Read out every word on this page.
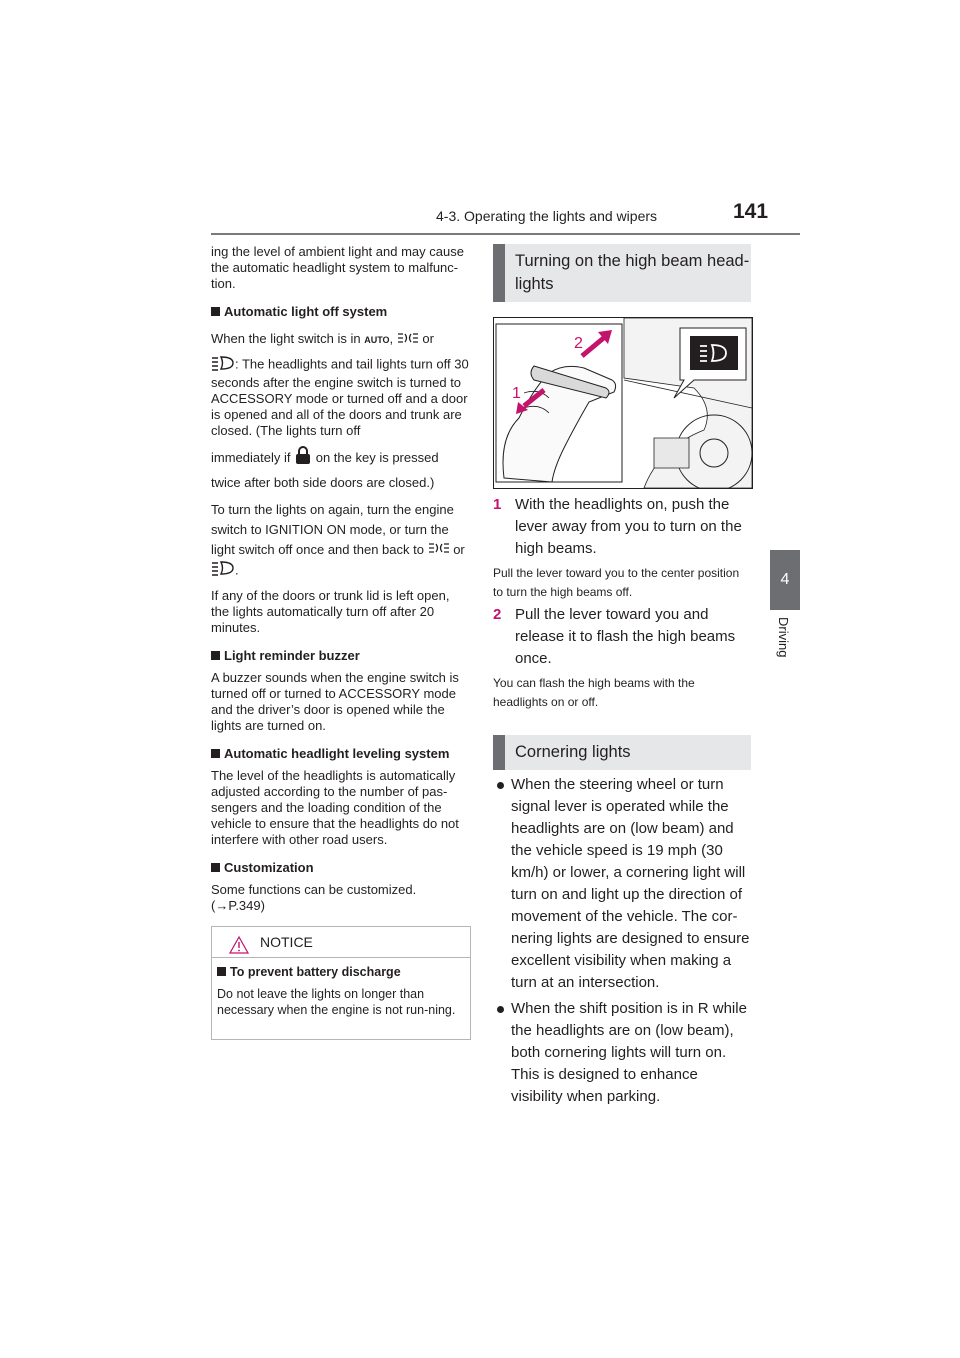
4-3. Operating the lights and wipers	141
4
Driving

ing the level of ambient light and may cause the automatic headlight system to malfunc-tion.

Automatic light off system

When the light switch is in AUTO, or

: The headlights and tail lights turn off 30 seconds after the engine switch is turned to ACCESSORY mode or turned off and a door is opened and all of the doors and trunk are closed. (The lights turn off

immediately if on the key is pressed twice after both side doors are closed.)

To turn the lights on again, turn the engine switch to IGNITION ON mode, or turn the light switch off once and then back to or .

If any of the doors or trunk lid is left open, the lights automatically turn off after 20 minutes.

Light reminder buzzer

A buzzer sounds when the engine switch is turned off or turned to ACCESSORY mode and the driver’s door is opened while the lights are turned on.

Automatic headlight leveling system

The level of the headlights is automatically adjusted according to the number of pas-sengers and the loading condition of the vehicle to ensure that the headlights do not interfere with other road users.

Customization

Some functions can be customized. (→P.349)

NOTICE
To prevent battery discharge
Do not leave the lights on longer than necessary when the engine is not run-ning.
Turning on the high beam head-lights
2
1
1 With the headlights on, push the lever away from you to turn on the high beams.
Pull the lever toward you to the center position to turn the high beams off.
2 Pull the lever toward you and release it to flash the high beams once.
You can flash the high beams with the headlights on or off.
Cornering lights
When the steering wheel or turn signal lever is operated while the headlights are on (low beam) and the vehicle speed is 19 mph (30 km/h) or lower, a cornering light will turn on and light up the direction of movement of the vehicle. The cor-nering lights are designed to ensure excellent visibility when making a turn at an intersection.
When the shift position is in R while the headlights are on (low beam), both cornering lights will turn on. This is designed to enhance visibility when parking.
